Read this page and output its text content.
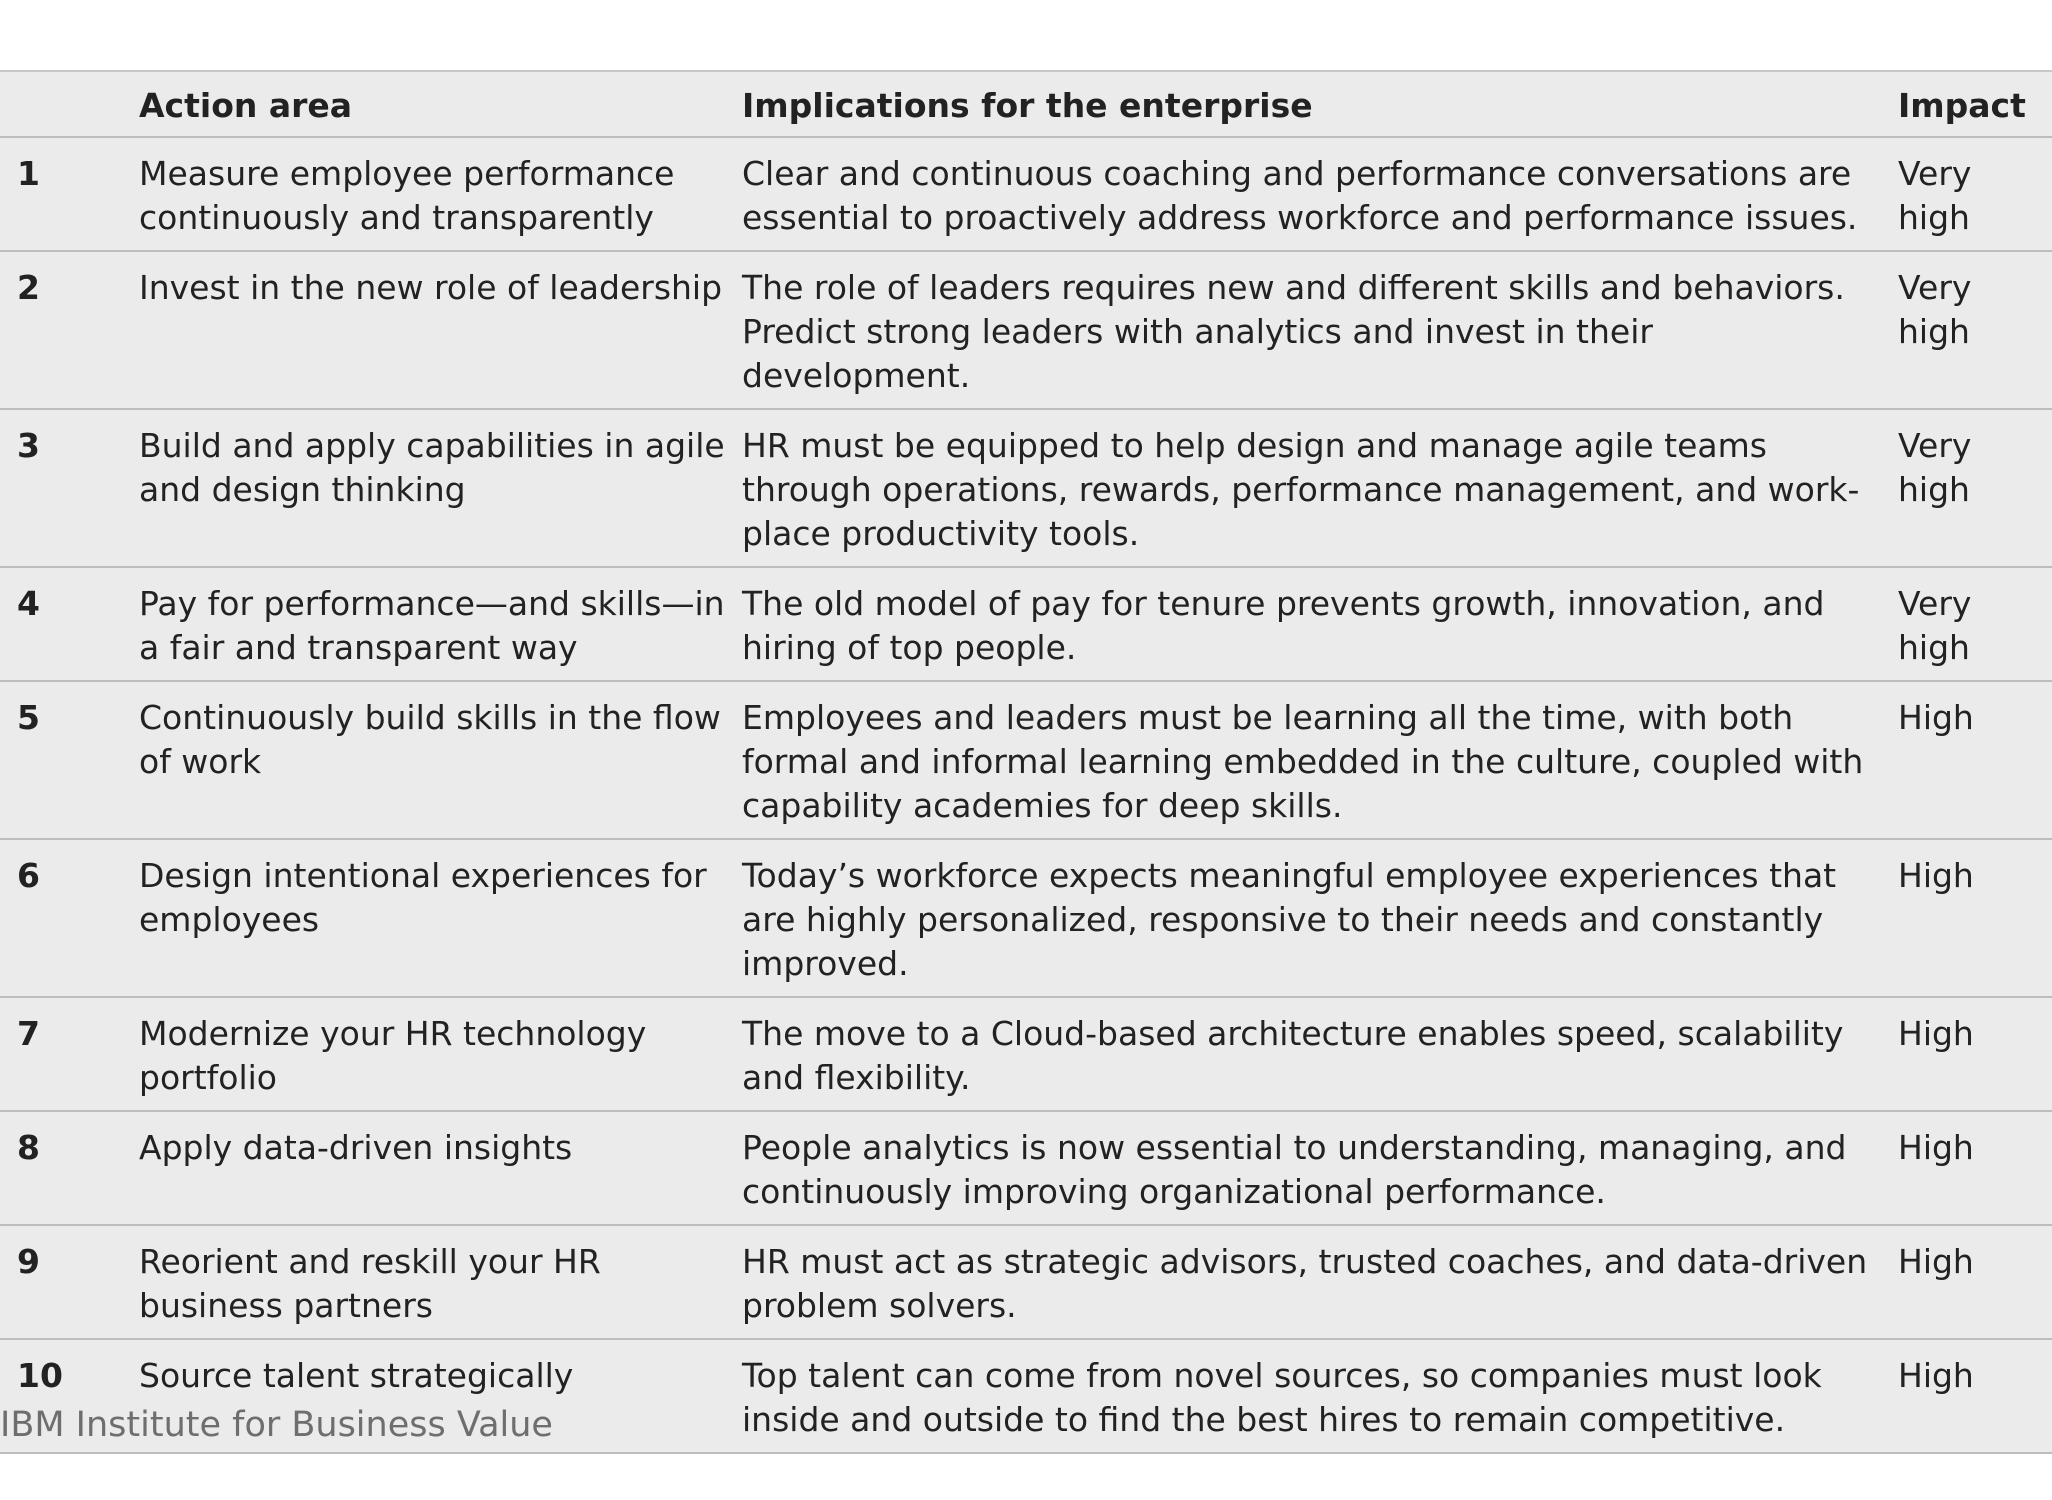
	Action area	Implications for the enterprise	Impact
1	Measure employee performance continuously and transparently	Clear and continuous coaching and performance conversations are essential to proactively address workforce and performance issues.	Very high
2	Invest in the new role of leadership	The role of leaders requires new and different skills and behaviors. Predict strong leaders with analytics and invest in their development.	Very high
3	Build and apply capabilities in agile and design thinking	HR must be equipped to help design and manage agile teams through operations, rewards, performance management, and work-place productivity tools.	Very high
4	Pay for performance—and skills—in a fair and transparent way	The old model of pay for tenure prevents growth, innovation, and hiring of top people.	Very high
5	Continuously build skills in the flow of work	Employees and leaders must be learning all the time, with both formal and informal learning embedded in the culture, coupled with capability academies for deep skills.	High
6	Design intentional experiences for employees	Today’s workforce expects meaningful employee experiences that are highly personalized, responsive to their needs and constantly improved.	High
7	Modernize your HR technology portfolio	The move to a Cloud-based architecture enables speed, scalability and flexibility.	High
8	Apply data-driven insights	People analytics is now essential to understanding, managing, and continuously improving organizational performance.	High
9	Reorient and reskill your HR business partners	HR must act as strategic advisors, trusted coaches, and data-driven problem solvers.	High
10	Source talent strategically	Top talent can come from novel sources, so companies must look inside and outside to find the best hires to remain competitive.	High
IBM Institute for Business Value
